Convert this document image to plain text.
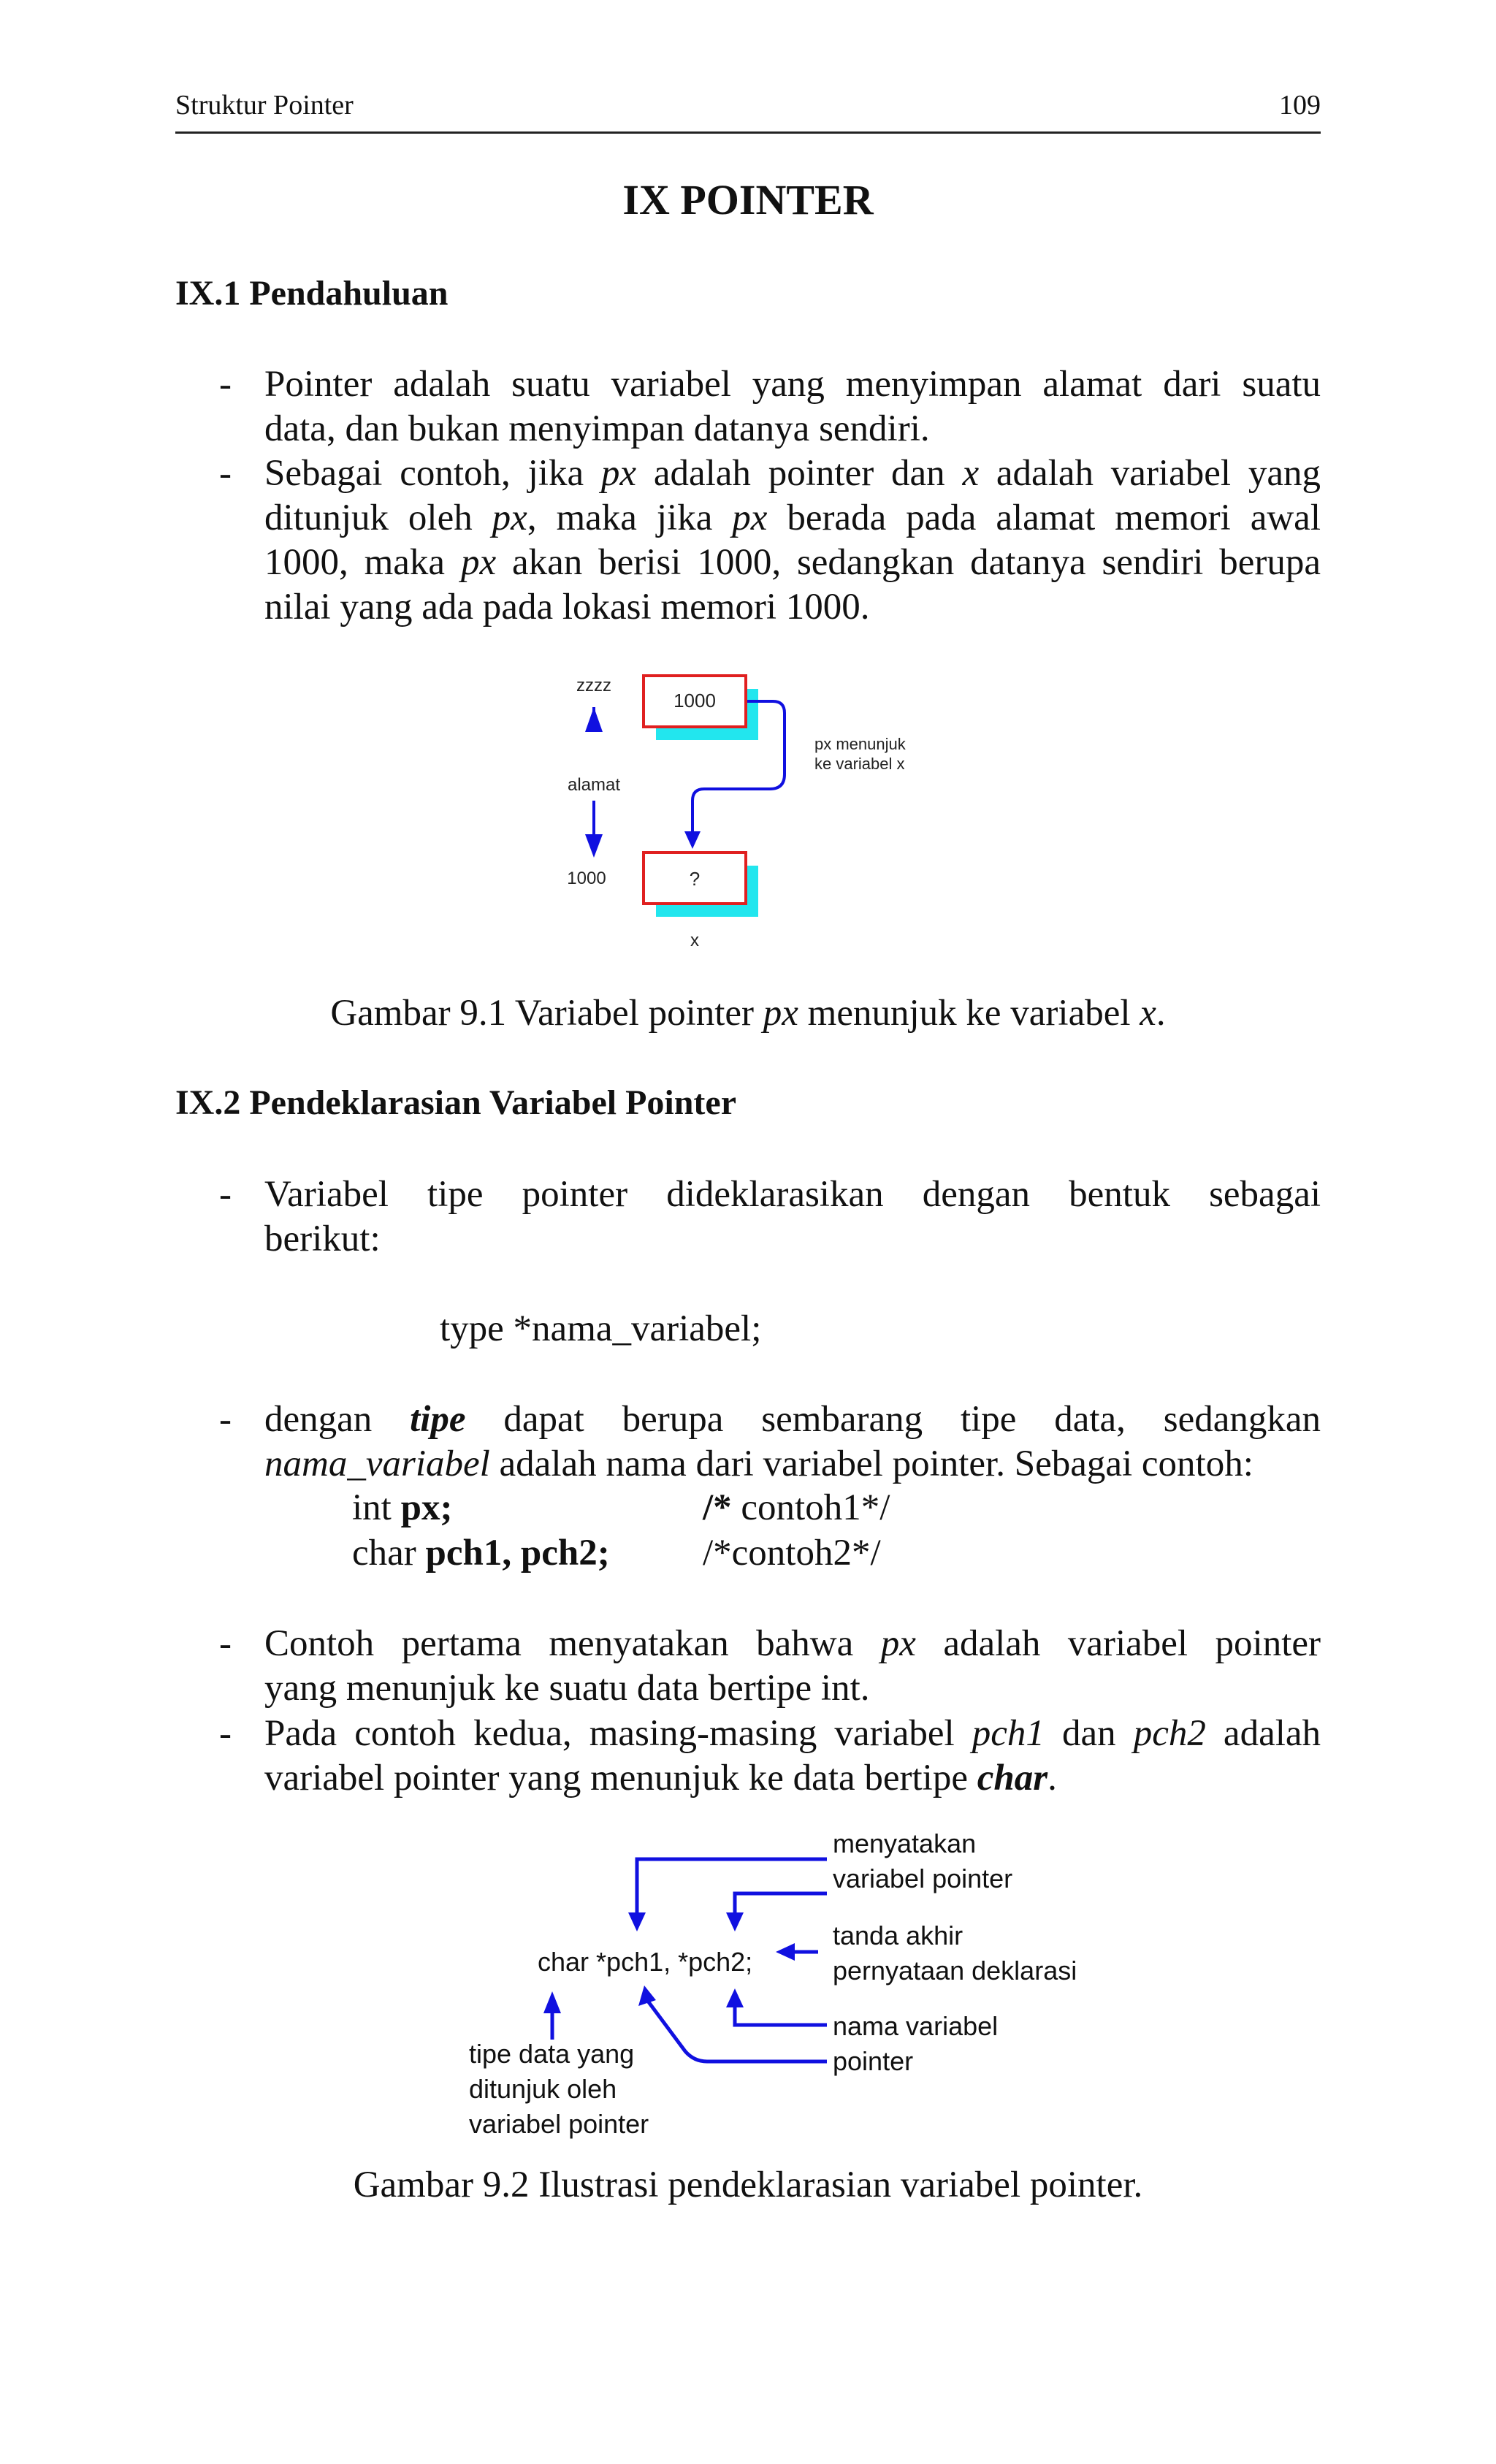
Struktur Pointer	109
IX POINTER
IX.1 Pendahuluan
- Pointer adalah suatu variabel yang menyimpan alamat dari suatu
data, dan bukan menyimpan datanya sendiri.
- Sebagai contoh, jika px adalah pointer dan x adalah variabel yang
ditunjuk oleh px, maka jika px berada pada alamat memori awal
1000, maka px akan berisi 1000, sedangkan datanya sendiri berupa
nilai yang ada pada lokasi memori 1000.
zzzz
alamat
1000
1000
?
x
px menunjuk
ke variabel x
Gambar 9.1 Variabel pointer px menunjuk ke variabel x.
IX.2 Pendeklarasian Variabel Pointer
- Variabel tipe pointer dideklarasikan dengan bentuk sebagai
berikut:
type *nama_variabel;
- dengan tipe dapat berupa sembarang tipe data, sedangkan
nama_variabel adalah nama dari variabel pointer. Sebagai contoh:
int px;	/* contoh1*/
char pch1, pch2; /*contoh2*/
- Contoh pertama menyatakan bahwa px adalah variabel pointer
yang menunjuk ke suatu data bertipe int.
- Pada contoh kedua, masing-masing variabel pch1 dan pch2 adalah
variabel pointer yang menunjuk ke data bertipe char.
menyatakan
variabel pointer
char *pch1, *pch2;
tanda akhir
pernyataan deklarasi
nama variabel
pointer
tipe data yang
ditunjuk oleh
variabel pointer
Gambar 9.2 Ilustrasi pendeklarasian variabel pointer.
